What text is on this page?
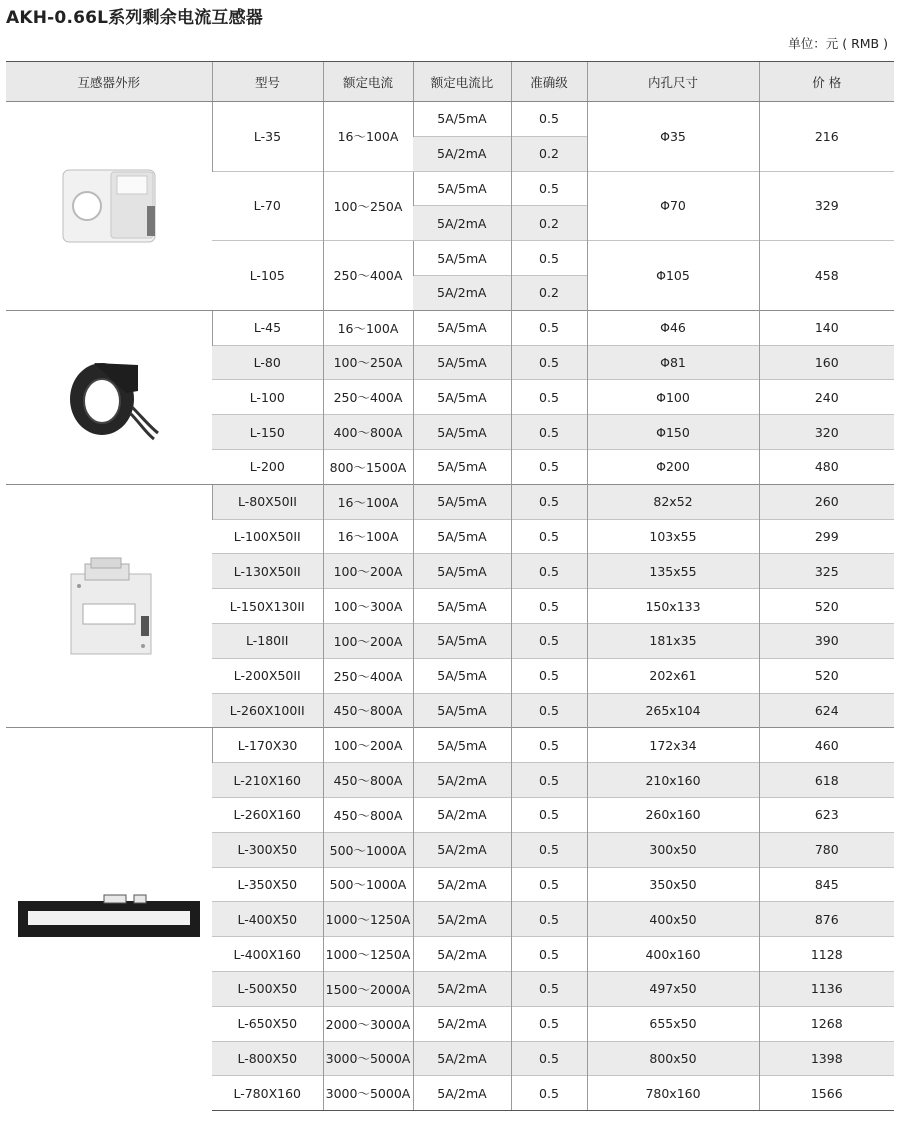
AKH-0.66L系列剩余电流互感器
单位：元 ( RMB )
互感器外形	型号	额定电流	额定电流比	准确级	内孔尺寸	价 格

	L-35	16～100A	5A/5mA	0.5	Φ35	216
			5A/2mA	0.2		
	L-70	100～250A	5A/5mA	0.5	Φ70	329
			5A/2mA	0.2		
	L-105	250～400A	5A/5mA	0.5	Φ105	458
			5A/2mA	0.2		

	L-45	16～100A	5A/5mA	0.5	Φ46	140
	L-80	100～250A	5A/5mA	0.5	Φ81	160
	L-100	250～400A	5A/5mA	0.5	Φ100	240
	L-150	400～800A	5A/5mA	0.5	Φ150	320
	L-200	800～1500A	5A/5mA	0.5	Φ200	480

	L-80X50II	16～100A	5A/5mA	0.5	82x52	260
	L-100X50II	16～100A	5A/5mA	0.5	103x55	299
	L-130X50II	100～200A	5A/5mA	0.5	135x55	325
	L-150X130II	100～300A	5A/5mA	0.5	150x133	520
	L-180II	100～200A	5A/5mA	0.5	181x35	390
	L-200X50II	250～400A	5A/5mA	0.5	202x61	520
	L-260X100II	450～800A	5A/5mA	0.5	265x104	624

	L-170X30	100～200A	5A/5mA	0.5	172x34	460
	L-210X160	450～800A	5A/2mA	0.5	210x160	618
	L-260X160	450～800A	5A/2mA	0.5	260x160	623
	L-300X50	500～1000A	5A/2mA	0.5	300x50	780
	L-350X50	500～1000A	5A/2mA	0.5	350x50	845
	L-400X50	1000～1250A	5A/2mA	0.5	400x50	876
	L-400X160	1000～1250A	5A/2mA	0.5	400x160	1128
	L-500X50	1500～2000A	5A/2mA	0.5	497x50	1136
	L-650X50	2000～3000A	5A/2mA	0.5	655x50	1268
	L-800X50	3000～5000A	5A/2mA	0.5	800x50	1398
	L-780X160	3000～5000A	5A/2mA	0.5	780x160	1566
